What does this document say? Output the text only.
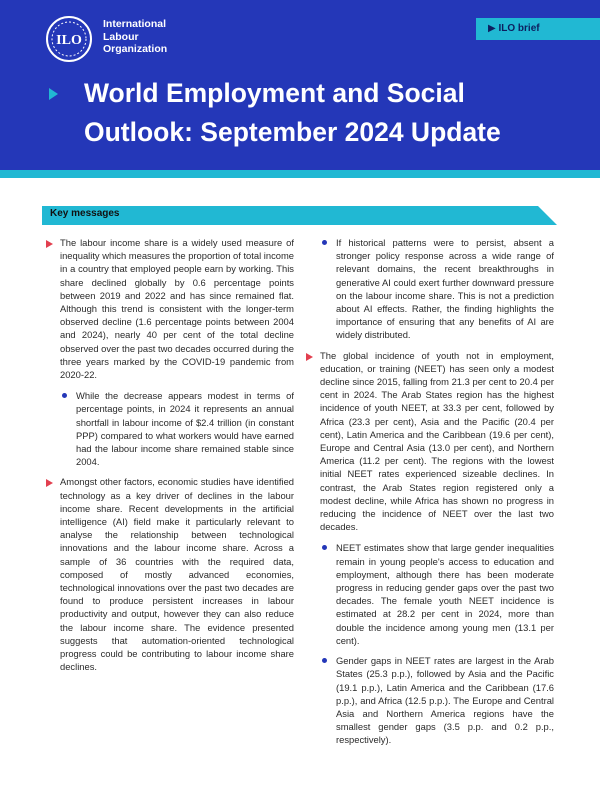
ILO
International
Labour
Organization
▶ ILO brief
World Employment and Social
Outlook: September 2024 Update
Key messages
The labour income share is a widely used measure of inequality which measures the proportion of total income in a country that employed people earn by working. This share declined globally by 0.6 percentage points between 2019 and 2022 and has since remained flat. Although this trend is consistent with the longer-term observed decline (1.6 percentage points between 2004 and 2024), nearly 40 per cent of the total decline observed over the past two decades occurred during the three years marked by the COVID-19 pandemic from 2020-22.
While the decrease appears modest in terms of percentage points, in 2024 it represents an annual shortfall in labour income of $2.4 trillion (in constant PPP) compared to what workers would have earned had the labour income share remained stable since 2004.
Amongst other factors, economic studies have identified technology as a key driver of declines in the labour income share. Recent developments in the artificial intelligence (AI) field make it particularly relevant to analyse the relationship between technological innovations and the labour income share. Across a sample of 36 countries with the required data, composed of mostly advanced economies, technological innovations over the past two decades are found to produce persistent increases in labour productivity and output, however they can also reduce the labour income share. The evidence presented suggests that automation-oriented technological progress could be contributing to labour income share declines.
If historical patterns were to persist, absent a stronger policy response across a wide range of relevant domains, the recent breakthroughs in generative AI could exert further downward pressure on the labour income share. This is not a prediction about AI effects. Rather, the finding highlights the importance of ensuring that any benefits of AI are widely distributed.
The global incidence of youth not in employment, education, or training (NEET) has seen only a modest decline since 2015, falling from 21.3 per cent to 20.4 per cent in 2024. The Arab States region has the highest incidence of youth NEET, at 33.3 per cent, followed by Africa (23.3 per cent), Asia and the Pacific (20.4 per cent), Latin America and the Caribbean (19.6 per cent), Europe and Central Asia (13.0 per cent), and Northern America (11.2 per cent). The regions with the lowest initial NEET rates experienced sizeable declines. In contrast, the Arab States region registered only a modest decline, while Africa has shown no progress in reducing the incidence of NEET over the last two decades.
NEET estimates show that large gender inequalities remain in young people's access to education and employment, although there has been moderate progress in reducing gender gaps over the past two decades. The female youth NEET incidence is estimated at 28.2 per cent in 2024, more than double the incidence among young men (13.1 per cent).
Gender gaps in NEET rates are largest in the Arab States (25.3 p.p.), followed by Asia and the Pacific (19.1 p.p.), Latin America and the Caribbean (17.6 p.p.), and Africa (12.5 p.p.). The Europe and Central Asia and Northern America regions have the smallest gender gaps (3.5 p.p. and 0.2 p.p., respectively).
